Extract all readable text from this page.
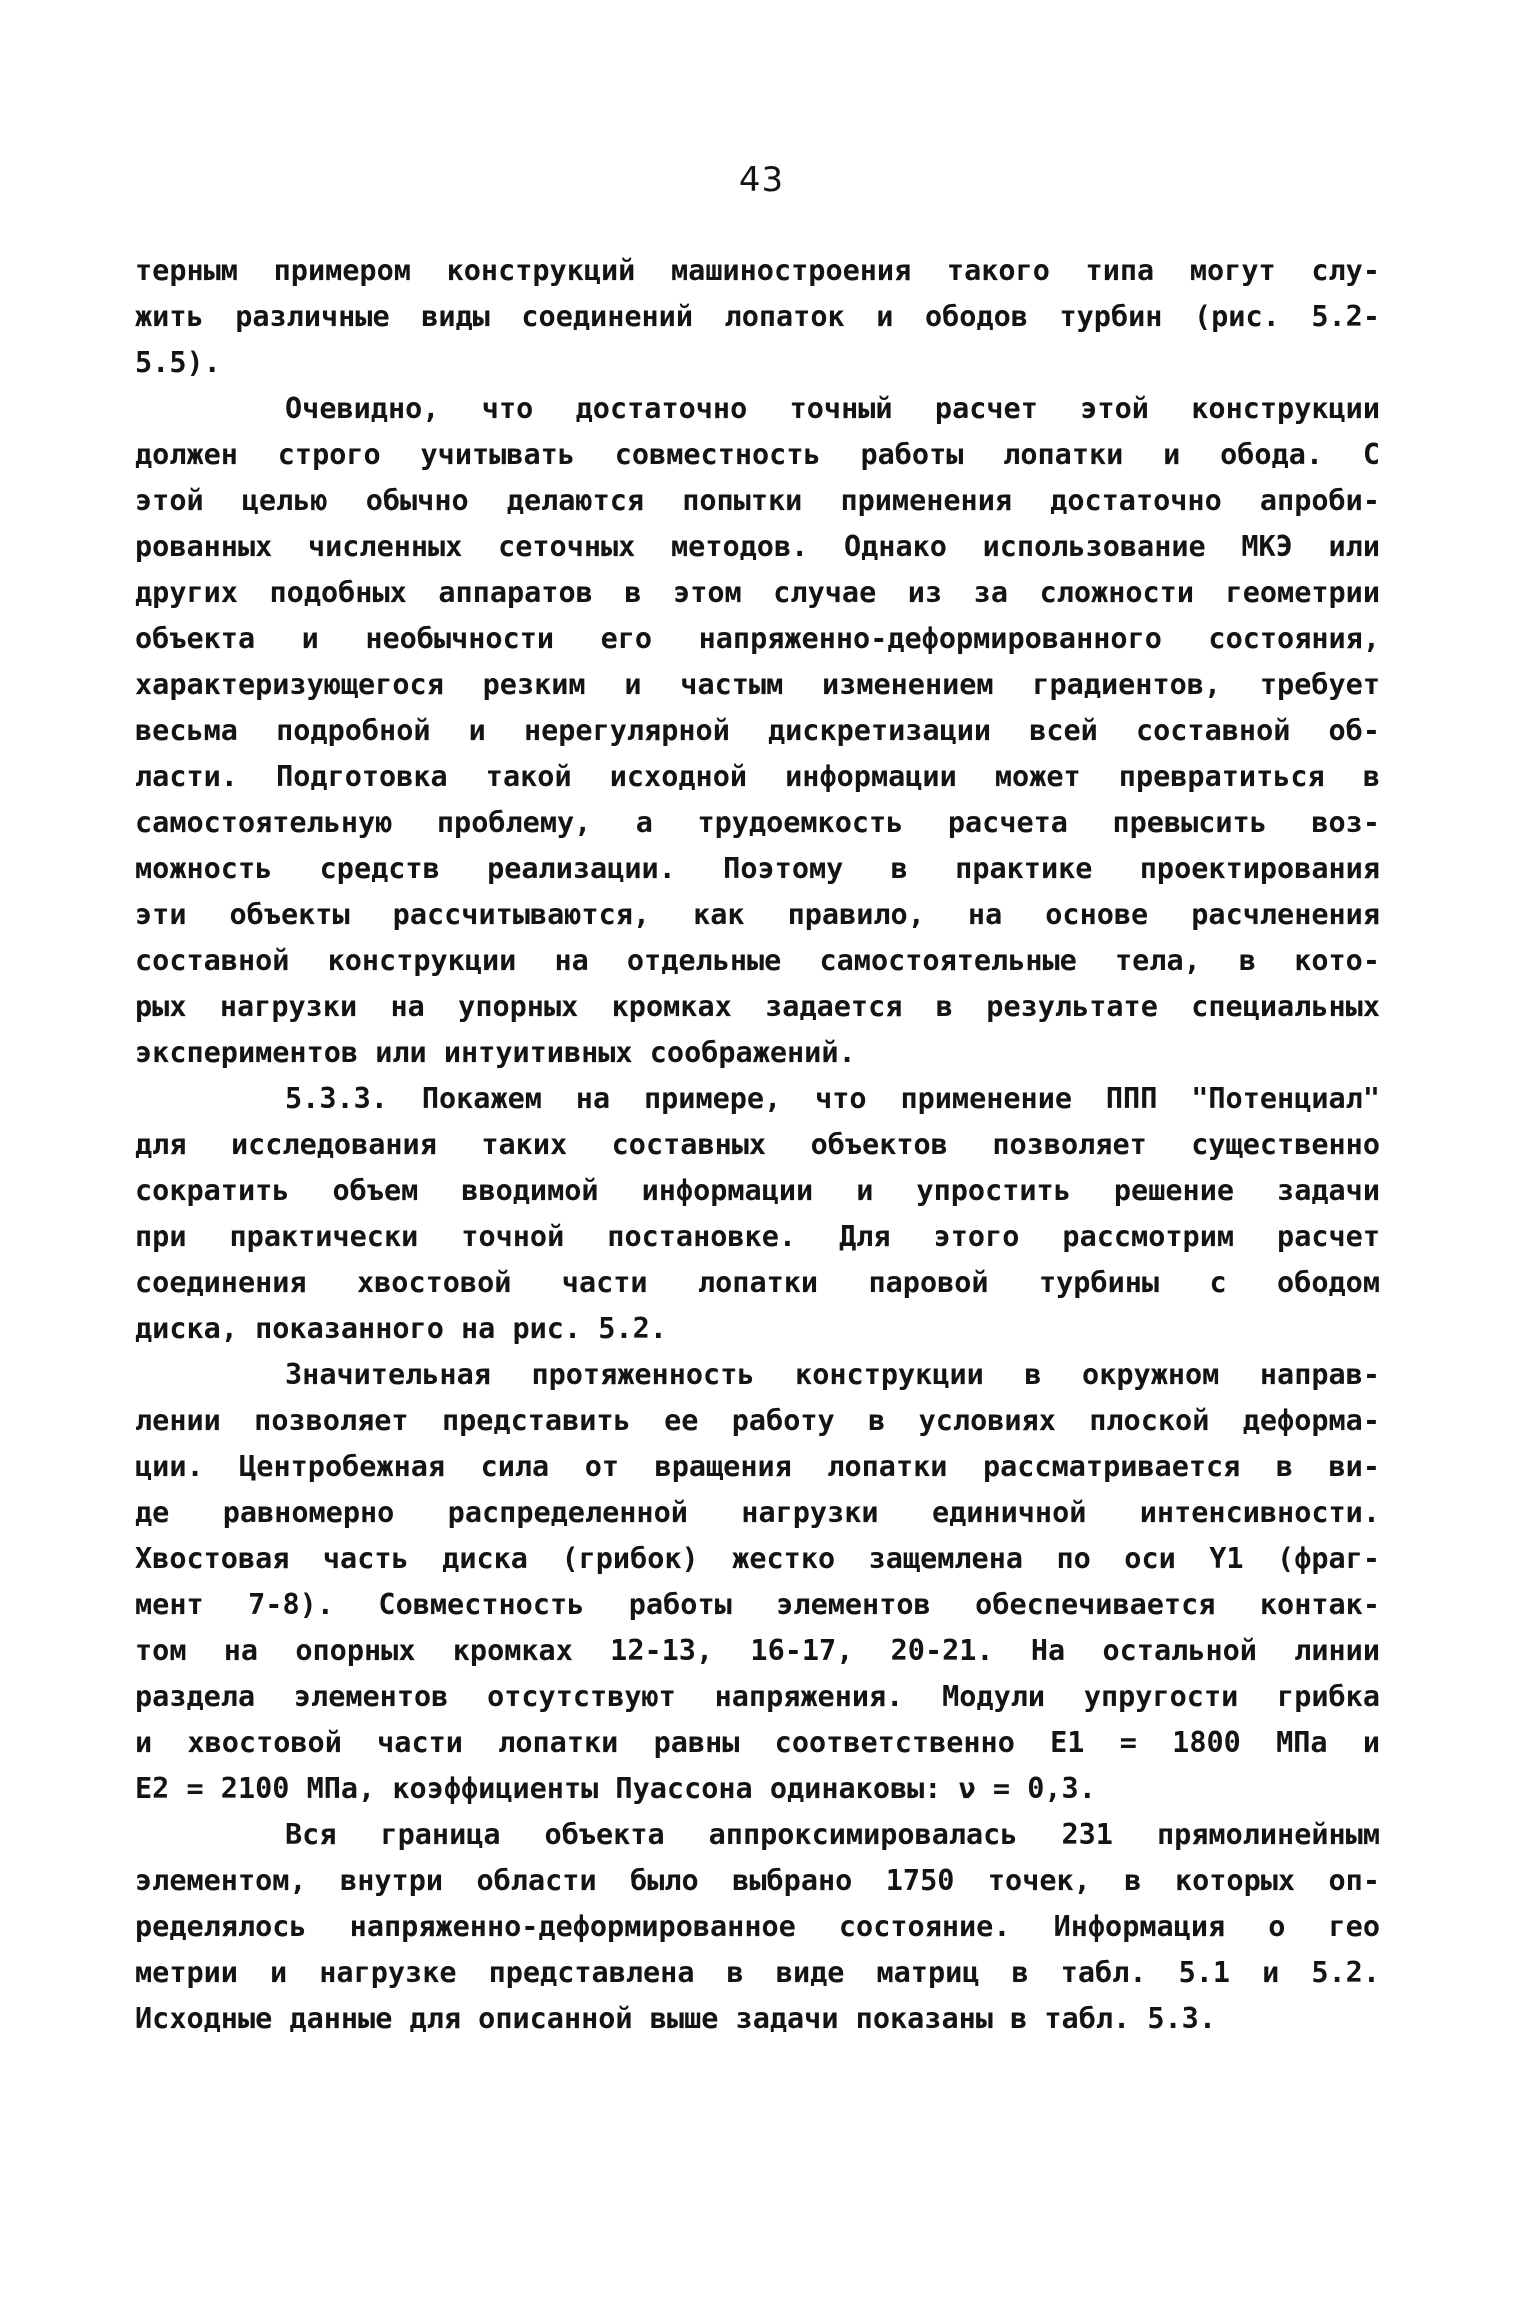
43
терным примером конструкций машиностроения такого типа могут слу-
жить различные виды соединений лопаток и ободов турбин (рис. 5.2-
5.5).
Очевидно, что достаточно точный расчет этой конструкции
должен строго учитывать совместность работы лопатки и обода. С
этой целью обычно делаются попытки применения достаточно апроби-
рованных численных сеточных методов. Однако использование МКЭ или
других подобных аппаратов в этом случае из за сложности геометрии
объекта и необычности его напряженно-деформированного состояния,
характеризующегося резким и частым изменением градиентов, требует
весьма подробной и нерегулярной дискретизации всей составной об-
ласти. Подготовка такой исходной информации может превратиться в
самостоятельную проблему, а трудоемкость расчета превысить воз-
можность средств реализации. Поэтому в практике проектирования
эти объекты рассчитываются, как правило, на основе расчленения
составной конструкции на отдельные самостоятельные тела, в кото-
рых нагрузки на упорных кромках задается в результате специальных
экспериментов или интуитивных соображений.
5.3.3. Покажем на примере, что применение ППП "Потенциал"
для исследования таких составных объектов позволяет существенно
сократить объем вводимой информации и упростить решение задачи
при практически точной постановке. Для этого рассмотрим расчет
соединения хвостовой части лопатки паровой турбины с ободом
диска, показанного на рис. 5.2.
Значительная протяженность конструкции в окружном направ-
лении позволяет представить ее работу в условиях плоской деформа-
ции. Центробежная сила от вращения лопатки рассматривается в ви-
де равномерно распределенной нагрузки единичной интенсивности.
Хвостовая часть диска (грибок) жестко защемлена по оси Y1 (фраг-
мент 7-8). Совместность работы элементов обеспечивается контак-
том на опорных кромках 12-13, 16-17, 20-21. На остальной линии
раздела элементов отсутствуют напряжения. Модули упругости грибка
и хвостовой части лопатки равны соответственно E1 = 1800 МПа и
E2 = 2100 МПа, коэффициенты Пуассона одинаковы: ν = 0,3.
Вся граница объекта аппроксимировалась 231 прямолинейным
элементом, внутри области было выбрано 1750 точек, в которых оп-
ределялось напряженно-деформированное состояние. Информация о гео
метрии и нагрузке представлена в виде матриц в табл. 5.1 и 5.2.
Исходные данные для описанной выше задачи показаны в табл. 5.3.
